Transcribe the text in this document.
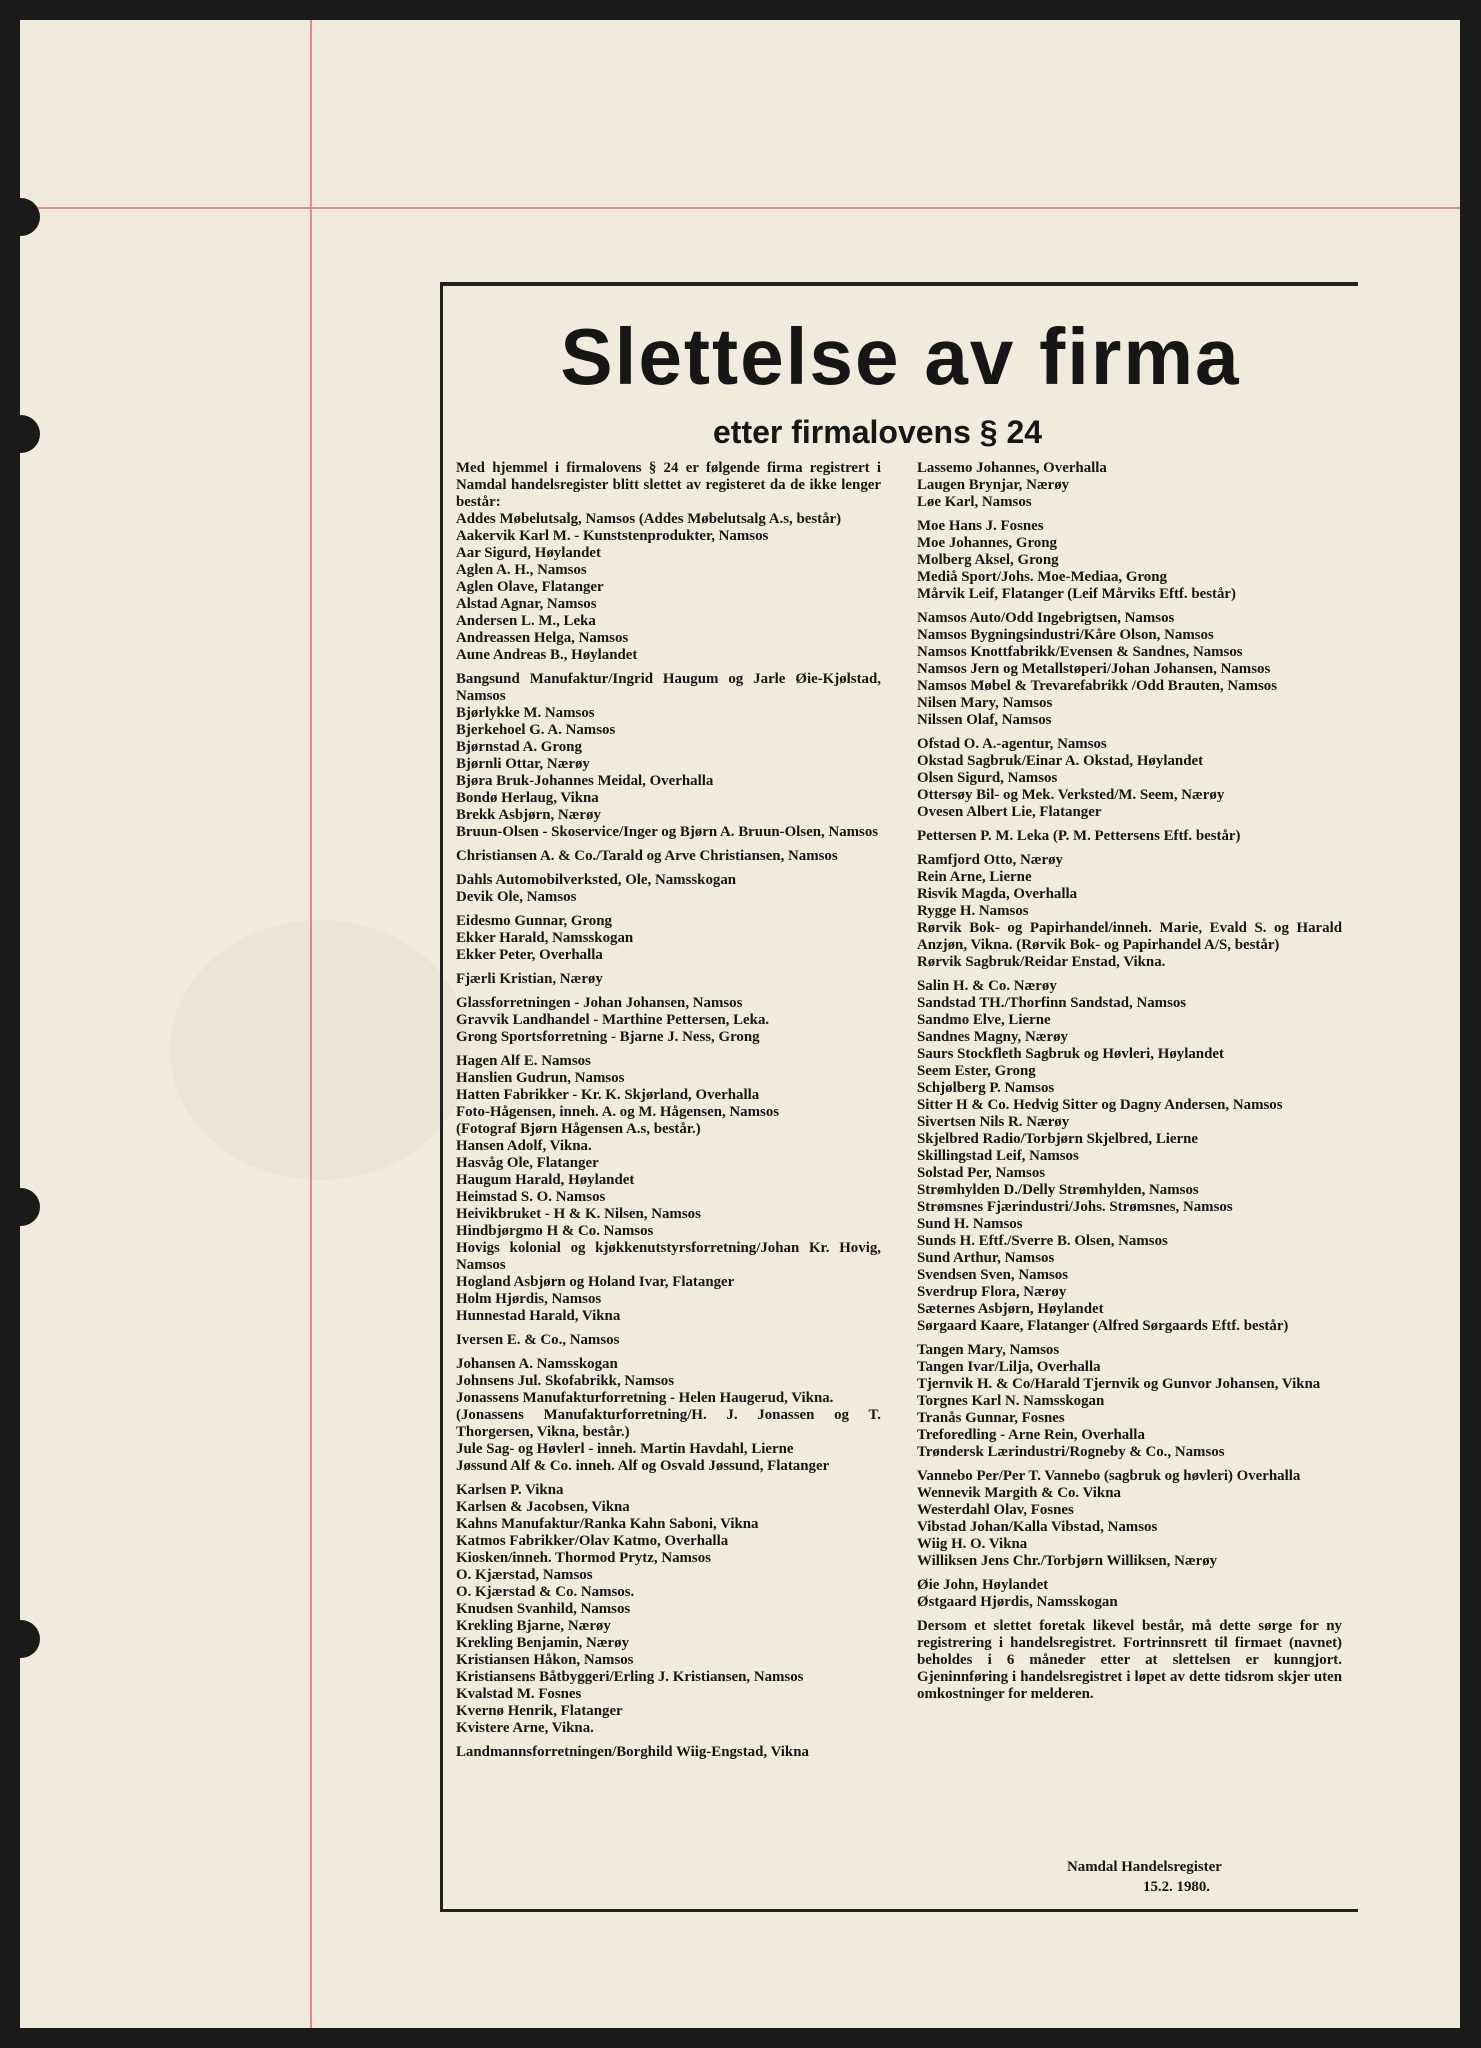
Slettelse av firma
etter firmalovens § 24
Med hjemmel i firmalovens § 24 er følgende firma registrert i Namdal handelsregister blitt slettet av registeret da de ikke lenger består:
Addes Møbelutsalg, Namsos (Addes Møbelutsalg A.s, består)
Aakervik Karl M. - Kunststenprodukter, Namsos
Aar Sigurd, Høylandet
Aglen A. H., Namsos
Aglen Olave, Flatanger
Alstad Agnar, Namsos
Andersen L. M., Leka
Andreassen Helga, Namsos
Aune Andreas B., Høylandet
Bangsund Manufaktur/Ingrid Haugum og Jarle Øie-Kjølstad, Namsos
Bjørlykke M. Namsos
Bjerkehoel G. A. Namsos
Bjørnstad A. Grong
Bjørnli Ottar, Nærøy
Bjøra Bruk-Johannes Meidal, Overhalla
Bondø Herlaug, Vikna
Brekk Asbjørn, Nærøy
Bruun-Olsen - Skoservice/Inger og Bjørn A. Bruun-Olsen, Namsos
Christiansen A. & Co./Tarald og Arve Christiansen, Namsos
Dahls Automobilverksted, Ole, Namsskogan
Devik Ole, Namsos
Eidesmo Gunnar, Grong
Ekker Harald, Namsskogan
Ekker Peter, Overhalla
Fjærli Kristian, Nærøy
Glassforretningen - Johan Johansen, Namsos
Gravvik Landhandel - Marthine Pettersen, Leka.
Grong Sportsforretning - Bjarne J. Ness, Grong
Hagen Alf E. Namsos
Hanslien Gudrun, Namsos
Hatten Fabrikker - Kr. K. Skjørland, Overhalla
Foto-Hågensen, inneh. A. og M. Hågensen, Namsos
(Fotograf Bjørn Hågensen A.s, består.)
Hansen Adolf, Vikna.
Hasvåg Ole, Flatanger
Haugum Harald, Høylandet
Heimstad S. O. Namsos
Heivikbruket - H & K. Nilsen, Namsos
Hindbjørgmo H & Co. Namsos
Hovigs kolonial og kjøkkenutstyrsforretning/Johan Kr. Hovig, Namsos
Hogland Asbjørn og Holand Ivar, Flatanger
Holm Hjørdis, Namsos
Hunnestad Harald, Vikna
Iversen E. & Co., Namsos
Johansen A. Namsskogan
Johnsens Jul. Skofabrikk, Namsos
Jonassens Manufakturforretning - Helen Haugerud, Vikna.
(Jonassens Manufakturforretning/H. J. Jonassen og T. Thorgersen, Vikna, består.)
Jule Sag- og Høvlerl - inneh. Martin Havdahl, Lierne
Jøssund Alf & Co. inneh. Alf og Osvald Jøssund, Flatanger
Karlsen P. Vikna
Karlsen & Jacobsen, Vikna
Kahns Manufaktur/Ranka Kahn Saboni, Vikna
Katmos Fabrikker/Olav Katmo, Overhalla
Kiosken/inneh. Thormod Prytz, Namsos
O. Kjærstad, Namsos
O. Kjærstad & Co. Namsos.
Knudsen Svanhild, Namsos
Krekling Bjarne, Nærøy
Krekling Benjamin, Nærøy
Kristiansen Håkon, Namsos
Kristiansens Båtbyggeri/Erling J. Kristiansen, Namsos
Kvalstad M. Fosnes
Kvernø Henrik, Flatanger
Kvistere Arne, Vikna.
Landmannsforretningen/Borghild Wiig-Engstad, Vikna
Lassemo Johannes, Overhalla
Laugen Brynjar, Nærøy
Løe Karl, Namsos
Moe Hans J. Fosnes
Moe Johannes, Grong
Molberg Aksel, Grong
Mediå Sport/Johs. Moe-Mediaa, Grong
Mårvik Leif, Flatanger (Leif Mårviks Eftf. består)
Namsos Auto/Odd Ingebrigtsen, Namsos
Namsos Bygningsindustri/Kåre Olson, Namsos
Namsos Knottfabrikk/Evensen & Sandnes, Namsos
Namsos Jern og Metallstøperi/Johan Johansen, Namsos
Namsos Møbel & Trevarefabrikk /Odd Brauten, Namsos
Nilsen Mary, Namsos
Nilssen Olaf, Namsos
Ofstad O. A.-agentur, Namsos
Okstad Sagbruk/Einar A. Okstad, Høylandet
Olsen Sigurd, Namsos
Ottersøy Bil- og Mek. Verksted/M. Seem, Nærøy
Ovesen Albert Lie, Flatanger
Pettersen P. M. Leka (P. M. Pettersens Eftf. består)
Ramfjord Otto, Nærøy
Rein Arne, Lierne
Risvik Magda, Overhalla
Rygge H. Namsos
Rørvik Bok- og Papirhandel/inneh. Marie, Evald S. og Harald Anzjøn, Vikna. (Rørvik Bok- og Papirhandel A/S, består)
Rørvik Sagbruk/Reidar Enstad, Vikna.
Salin H. & Co. Nærøy
Sandstad TH./Thorfinn Sandstad, Namsos
Sandmo Elve, Lierne
Sandnes Magny, Nærøy
Saurs Stockfleth Sagbruk og Høvleri, Høylandet
Seem Ester, Grong
Schjølberg P. Namsos
Sitter H & Co. Hedvig Sitter og Dagny Andersen, Namsos
Sivertsen Nils R. Nærøy
Skjelbred Radio/Torbjørn Skjelbred, Lierne
Skillingstad Leif, Namsos
Solstad Per, Namsos
Strømhylden D./Delly Strømhylden, Namsos
Strømsnes Fjærindustri/Johs. Strømsnes, Namsos
Sund H. Namsos
Sunds H. Eftf./Sverre B. Olsen, Namsos
Sund Arthur, Namsos
Svendsen Sven, Namsos
Sverdrup Flora, Nærøy
Sæternes Asbjørn, Høylandet
Sørgaard Kaare, Flatanger (Alfred Sørgaards Eftf. består)
Tangen Mary, Namsos
Tangen Ivar/Lilja, Overhalla
Tjernvik H. & Co/Harald Tjernvik og Gunvor Johansen, Vikna
Torgnes Karl N. Namsskogan
Tranås Gunnar, Fosnes
Treforedling - Arne Rein, Overhalla
Trøndersk Lærindustri/Rogneby & Co., Namsos
Vannebo Per/Per T. Vannebo (sagbruk og høvleri) Overhalla
Wennevik Margith & Co. Vikna
Westerdahl Olav, Fosnes
Vibstad Johan/Kalla Vibstad, Namsos
Wiig H. O. Vikna
Williksen Jens Chr./Torbjørn Williksen, Nærøy
Øie John, Høylandet
Østgaard Hjørdis, Namsskogan
Dersom et slettet foretak likevel består, må dette sørge for ny registrering i handelsregistret. Fortrinnsrett til firmaet (navnet) beholdes i 6 måneder etter at slettelsen er kunngjort. Gjeninnføring i handelsregistret i løpet av dette tidsrom skjer uten omkostninger for melderen.
Namdal Handelsregister
15.2. 1980.
